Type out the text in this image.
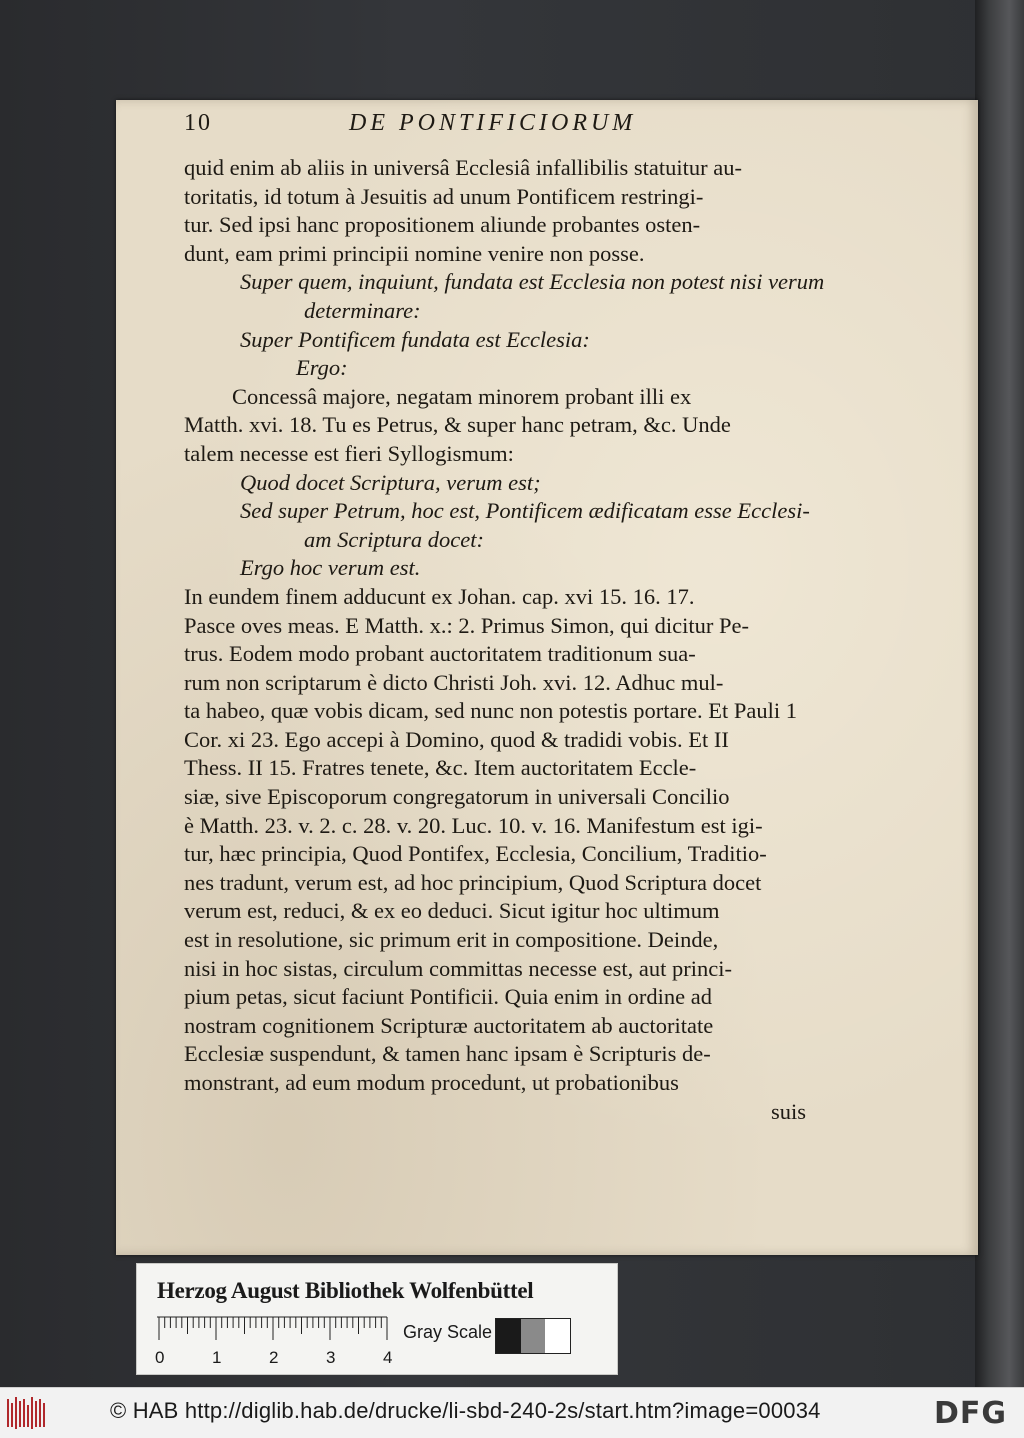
10	DE PONTIFICIORUM
quid enim ab aliis in universâ Ecclesiâ infallibilis statuitur au-
toritatis, id totum à Jesuitis ad unum Pontificem restringi-
tur. Sed ipsi hanc propositionem aliunde probantes osten-
dunt, eam primi principii nomine venire non posse.
Super quem, inquiunt, fundata est Ecclesia non potest nisi verum
determinare:
Super Pontificem fundata est Ecclesia:
Ergo:
Concessâ majore, negatam minorem probant illi ex
Matth. xvi. 18. Tu es Petrus, & super hanc petram, &c. Unde
talem necesse est fieri Syllogismum:
Quod docet Scriptura, verum est;
Sed super Petrum, hoc est, Pontificem ædificatam esse Ecclesi-
am Scriptura docet:
Ergo hoc verum est.
In eundem finem adducunt ex Johan. cap. xvi 15. 16. 17.
Pasce oves meas. E Matth. x.: 2. Primus Simon, qui dicitur Pe-
trus. Eodem modo probant auctoritatem traditionum sua-
rum non scriptarum è dicto Christi Joh. xvi. 12. Adhuc mul-
ta habeo, quæ vobis dicam, sed nunc non potestis portare. Et Pauli 1
Cor. xi 23. Ego accepi à Domino, quod & tradidi vobis. Et II
Thess. II 15. Fratres tenete, &c. Item auctoritatem Eccle-
siæ, sive Episcoporum congregatorum in universali Concilio
è Matth. 23. v. 2. c. 28. v. 20. Luc. 10. v. 16. Manifestum est igi-
tur, hæc principia, Quod Pontifex, Ecclesia, Concilium, Traditio-
nes tradunt, verum est, ad hoc principium, Quod Scriptura docet
verum est, reduci, & ex eo deduci. Sicut igitur hoc ultimum
est in resolutione, sic primum erit in compositione. Deinde,
nisi in hoc sistas, circulum committas necesse est, aut princi-
pium petas, sicut faciunt Pontificii. Quia enim in ordine ad
nostram cognitionem Scripturæ auctoritatem ab auctoritate
Ecclesiæ suspendunt, & tamen hanc ipsam è Scripturis de-
monstrant, ad eum modum procedunt, ut probationibus
suis
Herzog August Bibliothek Wolfenbüttel
0	1	2	3	4
Gray Scale
© HAB http://diglib.hab.de/drucke/li-sbd-240-2s/start.htm?image=00034	DFG
